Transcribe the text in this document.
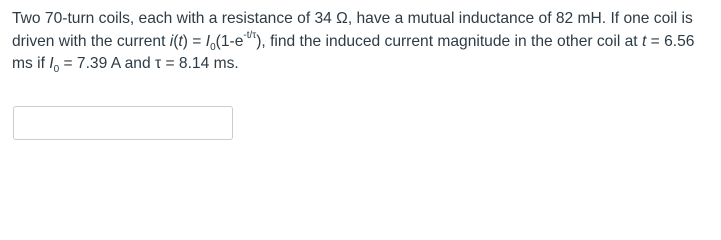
Two 70-turn coils, each with a resistance of 34 Ω, have a mutual inductance of 82 mH. If one coil is driven with the current $i(t) = I_0(1-e^{-t/\tau})$, find the induced current magnitude in the other coil at t = 6.56 ms if $I_0 = 7.39$ A and τ = 8.14 ms.
